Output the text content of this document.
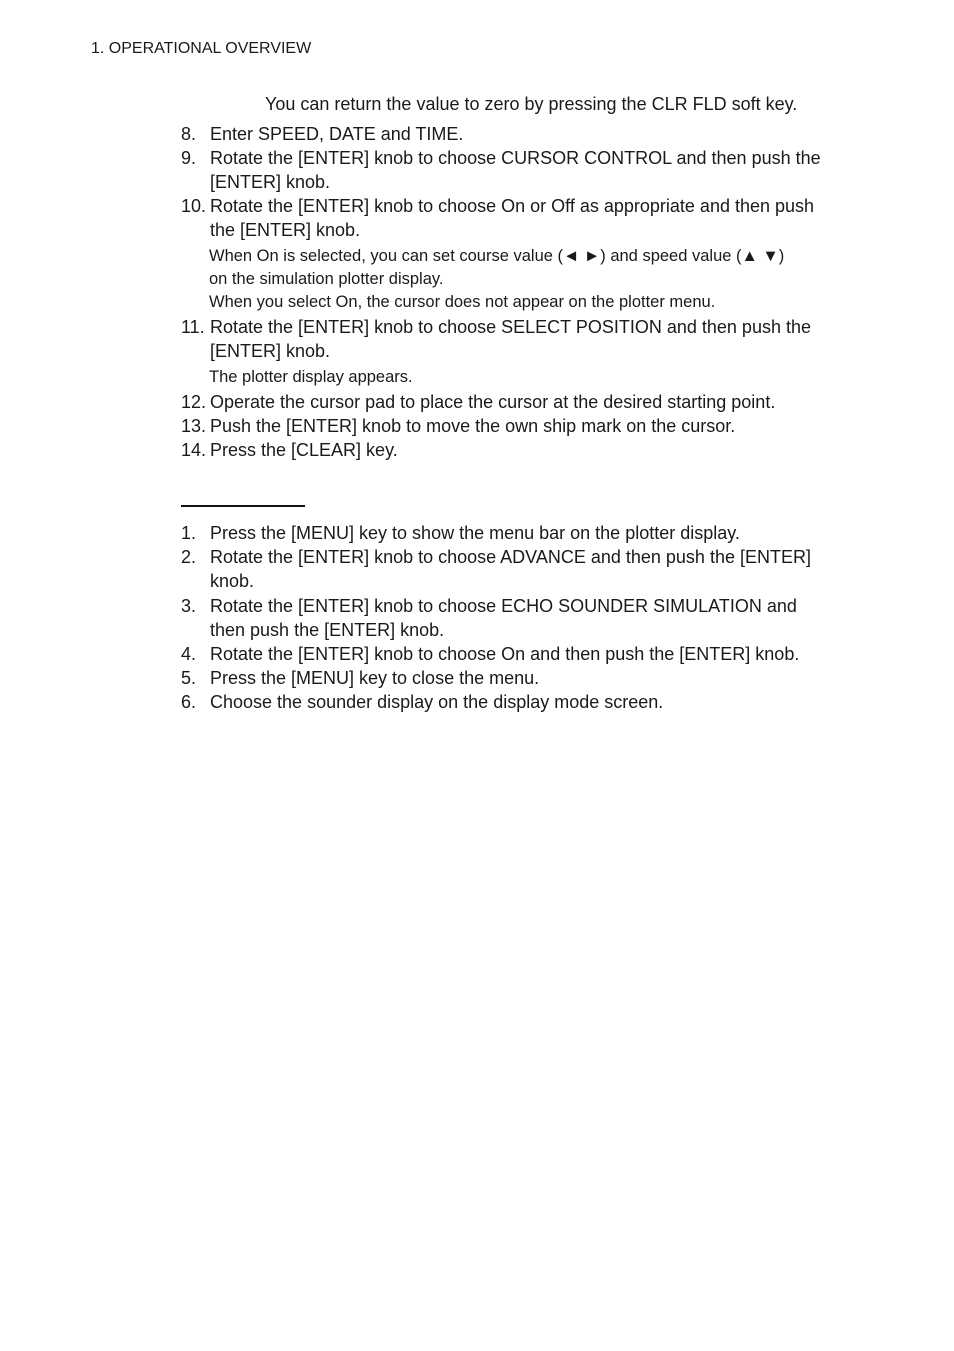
1. OPERATIONAL OVERVIEW
You can return the value to zero by pressing the CLR FLD soft key.
8. Enter SPEED, DATE and TIME.
9. Rotate the [ENTER] knob to choose CURSOR CONTROL and then push the
[ENTER] knob.
10. Rotate the [ENTER] knob to choose On or Off as appropriate and then push
the [ENTER] knob.
When On is selected, you can set course value (◄ ►) and speed value (▲ ▼)
on the simulation plotter display.
When you select On, the cursor does not appear on the plotter menu.
11. Rotate the [ENTER] knob to choose SELECT POSITION and then push the
[ENTER] knob.
The plotter display appears.
12. Operate the cursor pad to place the cursor at the desired starting point.
13. Push the [ENTER] knob to move the own ship mark on the cursor.
14. Press the [CLEAR] key.
1. Press the [MENU] key to show the menu bar on the plotter display.
2. Rotate the [ENTER] knob to choose ADVANCE and then push the [ENTER]
knob.
3. Rotate the [ENTER] knob to choose ECHO SOUNDER SIMULATION and
then push the [ENTER] knob.
4. Rotate the [ENTER] knob to choose On and then push the [ENTER] knob.
5. Press the [MENU] key to close the menu.
6. Choose the sounder display on the display mode screen.
